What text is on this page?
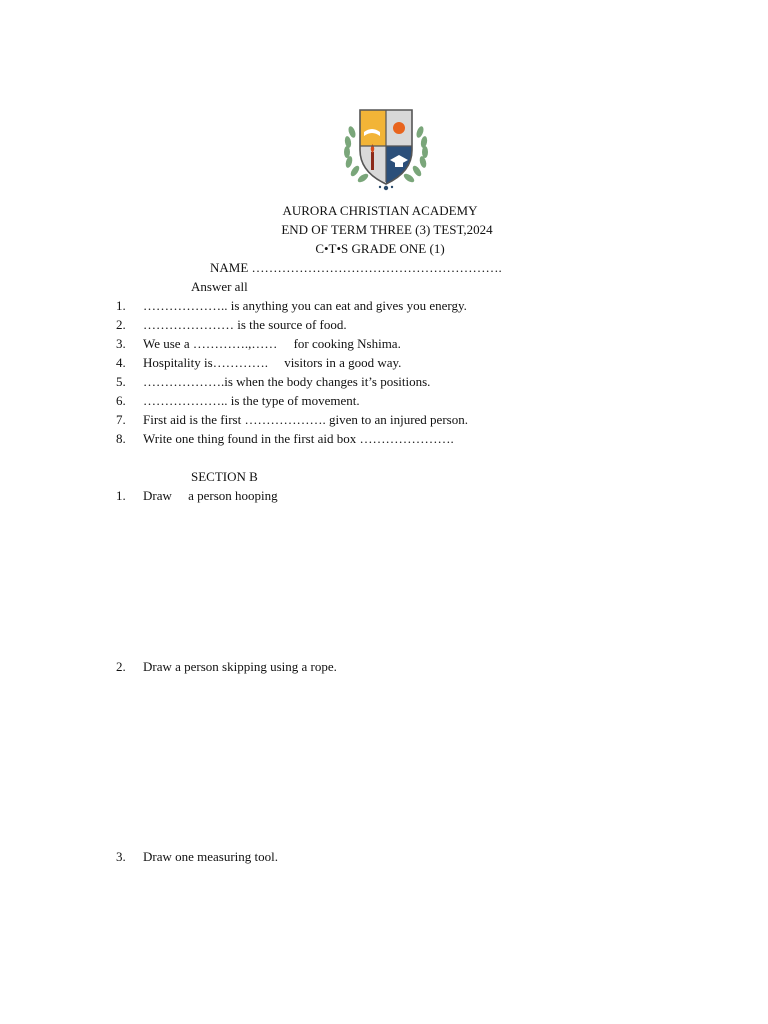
AURORA CHRISTIAN ACADEMY
END OF TERM THREE (3) TEST,2024
C•T•S GRADE ONE (1)
NAME ………………………………………………….
Answer all
1. ……………….. is anything you can eat and gives you energy.
2. ………………… is the source of food.
3. We use a ………….,……     for cooking Nshima.
4. Hospitality is………….     visitors in a good way.
5. ……………….is when the body changes it’s positions.
6. ……………….. is the type of movement.
7. First aid is the first ………………. given to an injured person.
8. Write one thing found in the first aid box ………………….
SECTION B
1. Draw     a person hooping
2. Draw a person skipping using a rope.
3. Draw one measuring tool.
